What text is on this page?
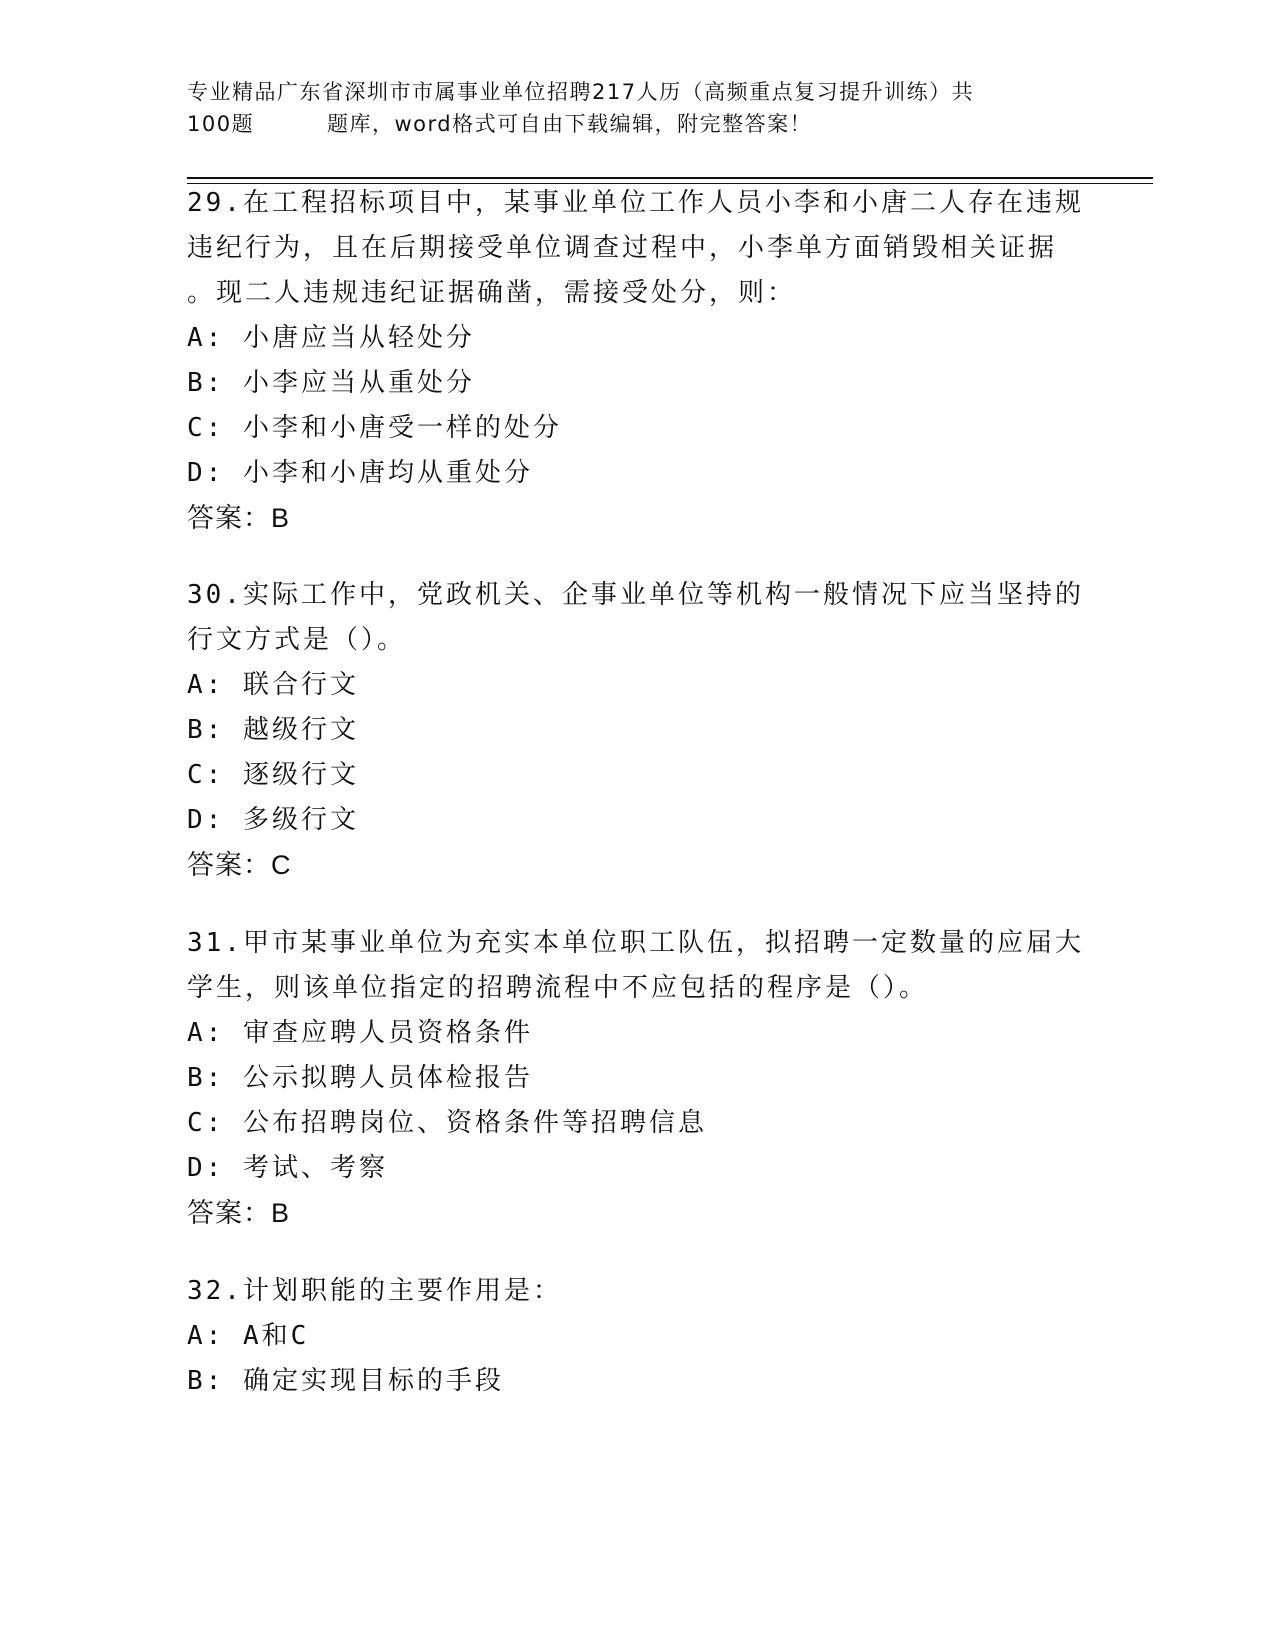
专业精品广东省深圳市市属事业单位招聘217人历（高频重点复习提升训练）共
100题	题库，word格式可自由下载编辑，附完整答案！
29.在工程招标项目中，某事业单位工作人员小李和小唐二人存在违规
违纪行为，且在后期接受单位调查过程中，小李单方面销毁相关证据
。现二人违规违纪证据确凿，需接受处分，则：
A: 小唐应当从轻处分
B: 小李应当从重处分
C: 小李和小唐受一样的处分
D: 小李和小唐均从重处分
答案：B
30.实际工作中，党政机关、企事业单位等机构一般情况下应当坚持的
行文方式是（）。
A: 联合行文
B: 越级行文
C: 逐级行文
D: 多级行文
答案：C
31.甲市某事业单位为充实本单位职工队伍，拟招聘一定数量的应届大
学生，则该单位指定的招聘流程中不应包括的程序是（）。
A: 审查应聘人员资格条件
B: 公示拟聘人员体检报告
C: 公布招聘岗位、资格条件等招聘信息
D: 考试、考察
答案：B
32.计划职能的主要作用是：
A: A和C
B: 确定实现目标的手段
